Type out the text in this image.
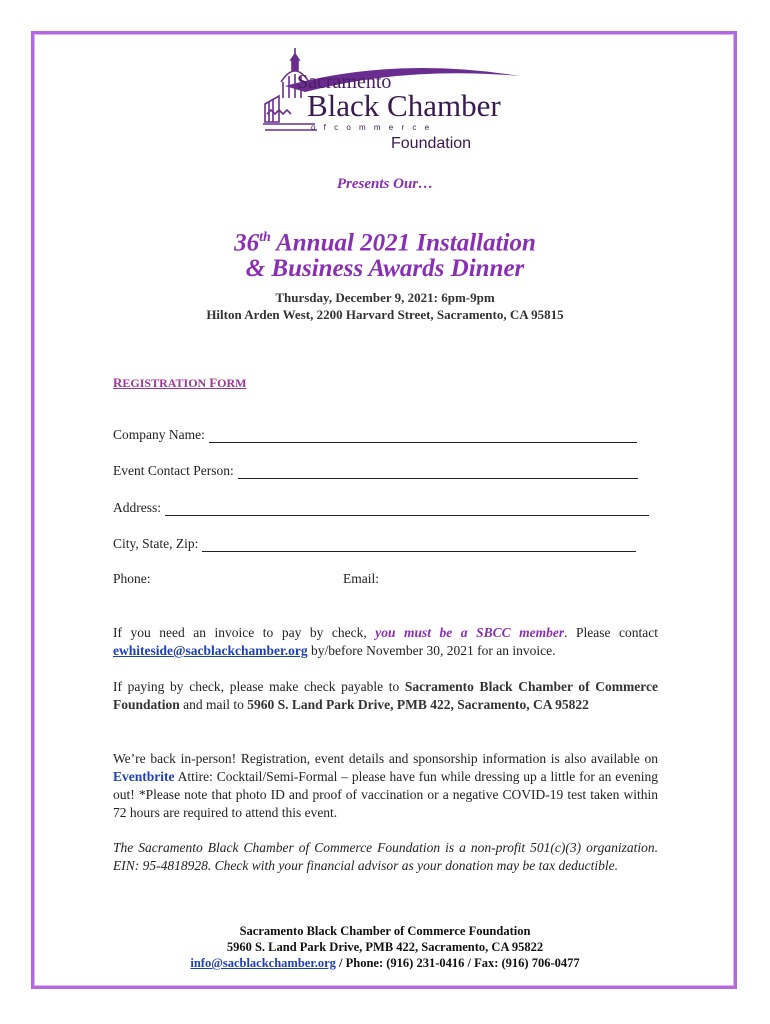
Sacramento
Black Chamber
o f c o m m e r c e
Foundation
Presents Our…
36th Annual 2021 Installation
& Business Awards Dinner
Thursday, December 9, 2021: 6pm-9pm
Hilton Arden West, 2200 Harvard Street, Sacramento, CA 95815
REGISTRATION FORM
Company Name:
Event Contact Person:
Address:
City, State, Zip:
Phone:	Email:
If you need an invoice to pay by check, you must be a SBCC member. Please contact ewhiteside@sacblackchamber.org by/before November 30, 2021 for an invoice.
If paying by check, please make check payable to Sacramento Black Chamber of Commerce Foundation and mail to 5960 S. Land Park Drive, PMB 422, Sacramento, CA 95822
We’re back in-person! Registration, event details and sponsorship information is also available on Eventbrite Attire: Cocktail/Semi-Formal – please have fun while dressing up a little for an evening out! *Please note that photo ID and proof of vaccination or a negative COVID-19 test taken within 72 hours are required to attend this event.
The Sacramento Black Chamber of Commerce Foundation is a non-profit 501(c)(3) organization. EIN: 95-4818928. Check with your financial advisor as your donation may be tax deductible.
Sacramento Black Chamber of Commerce Foundation
5960 S. Land Park Drive, PMB 422, Sacramento, CA 95822
info@sacblackchamber.org / Phone: (916) 231-0416 / Fax: (916) 706-0477
